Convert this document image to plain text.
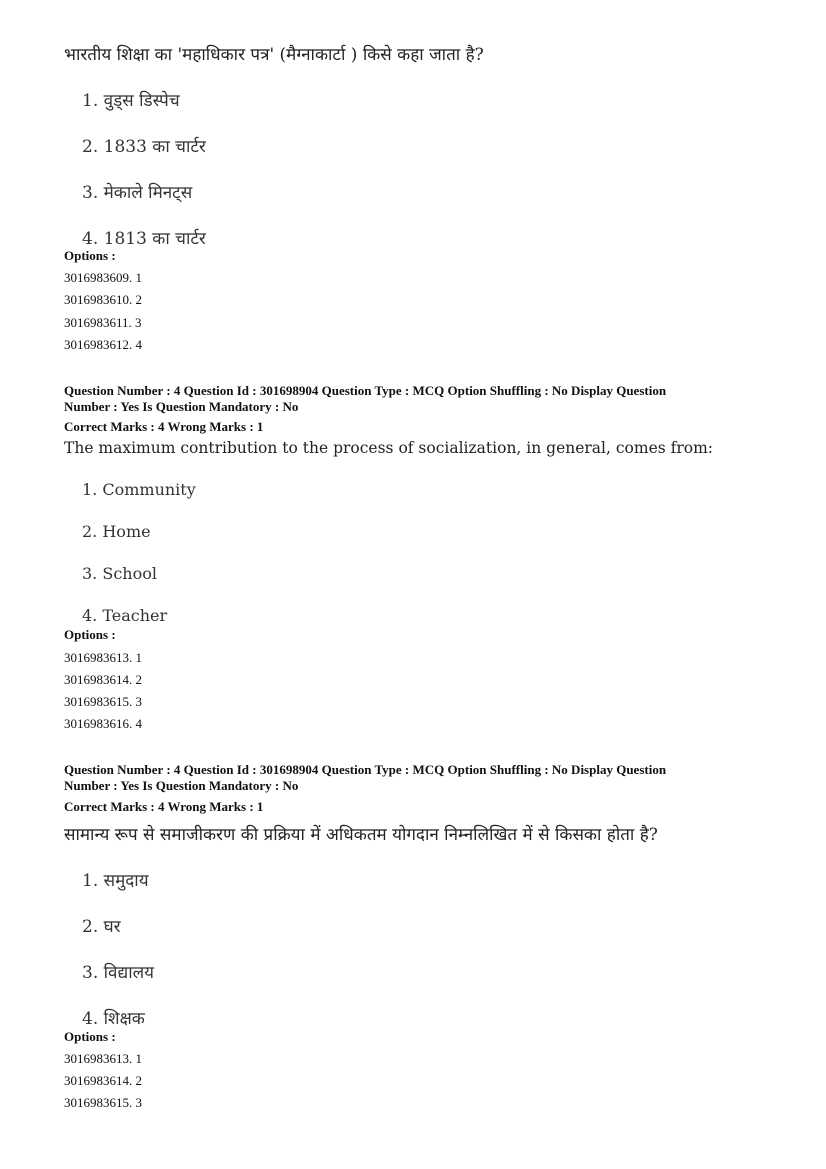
भारतीय शिक्षा का 'महाधिकार पत्र' (मैग्नाकार्टा ) किसे कहा जाता है?
1. वुड्स डिस्पेच
2. 1833 का चार्टर
3. मेकाले मिनट्स
4. 1813 का चार्टर
Options :
3016983609. 1
3016983610. 2
3016983611. 3
3016983612. 4
Question Number : 4 Question Id : 301698904 Question Type : MCQ Option Shuffling : No Display Question
Number : Yes Is Question Mandatory : No
Correct Marks : 4 Wrong Marks : 1
The maximum contribution to the process of socialization, in general, comes from:
1. Community
2. Home
3. School
4. Teacher
Options :
3016983613. 1
3016983614. 2
3016983615. 3
3016983616. 4
Question Number : 4 Question Id : 301698904 Question Type : MCQ Option Shuffling : No Display Question
Number : Yes Is Question Mandatory : No
Correct Marks : 4 Wrong Marks : 1
सामान्य रूप से समाजीकरण की प्रक्रिया में अधिकतम योगदान निम्नलिखित में से किसका होता है?
1. समुदाय
2. घर
3. विद्यालय
4. शिक्षक
Options :
3016983613. 1
3016983614. 2
3016983615. 3
